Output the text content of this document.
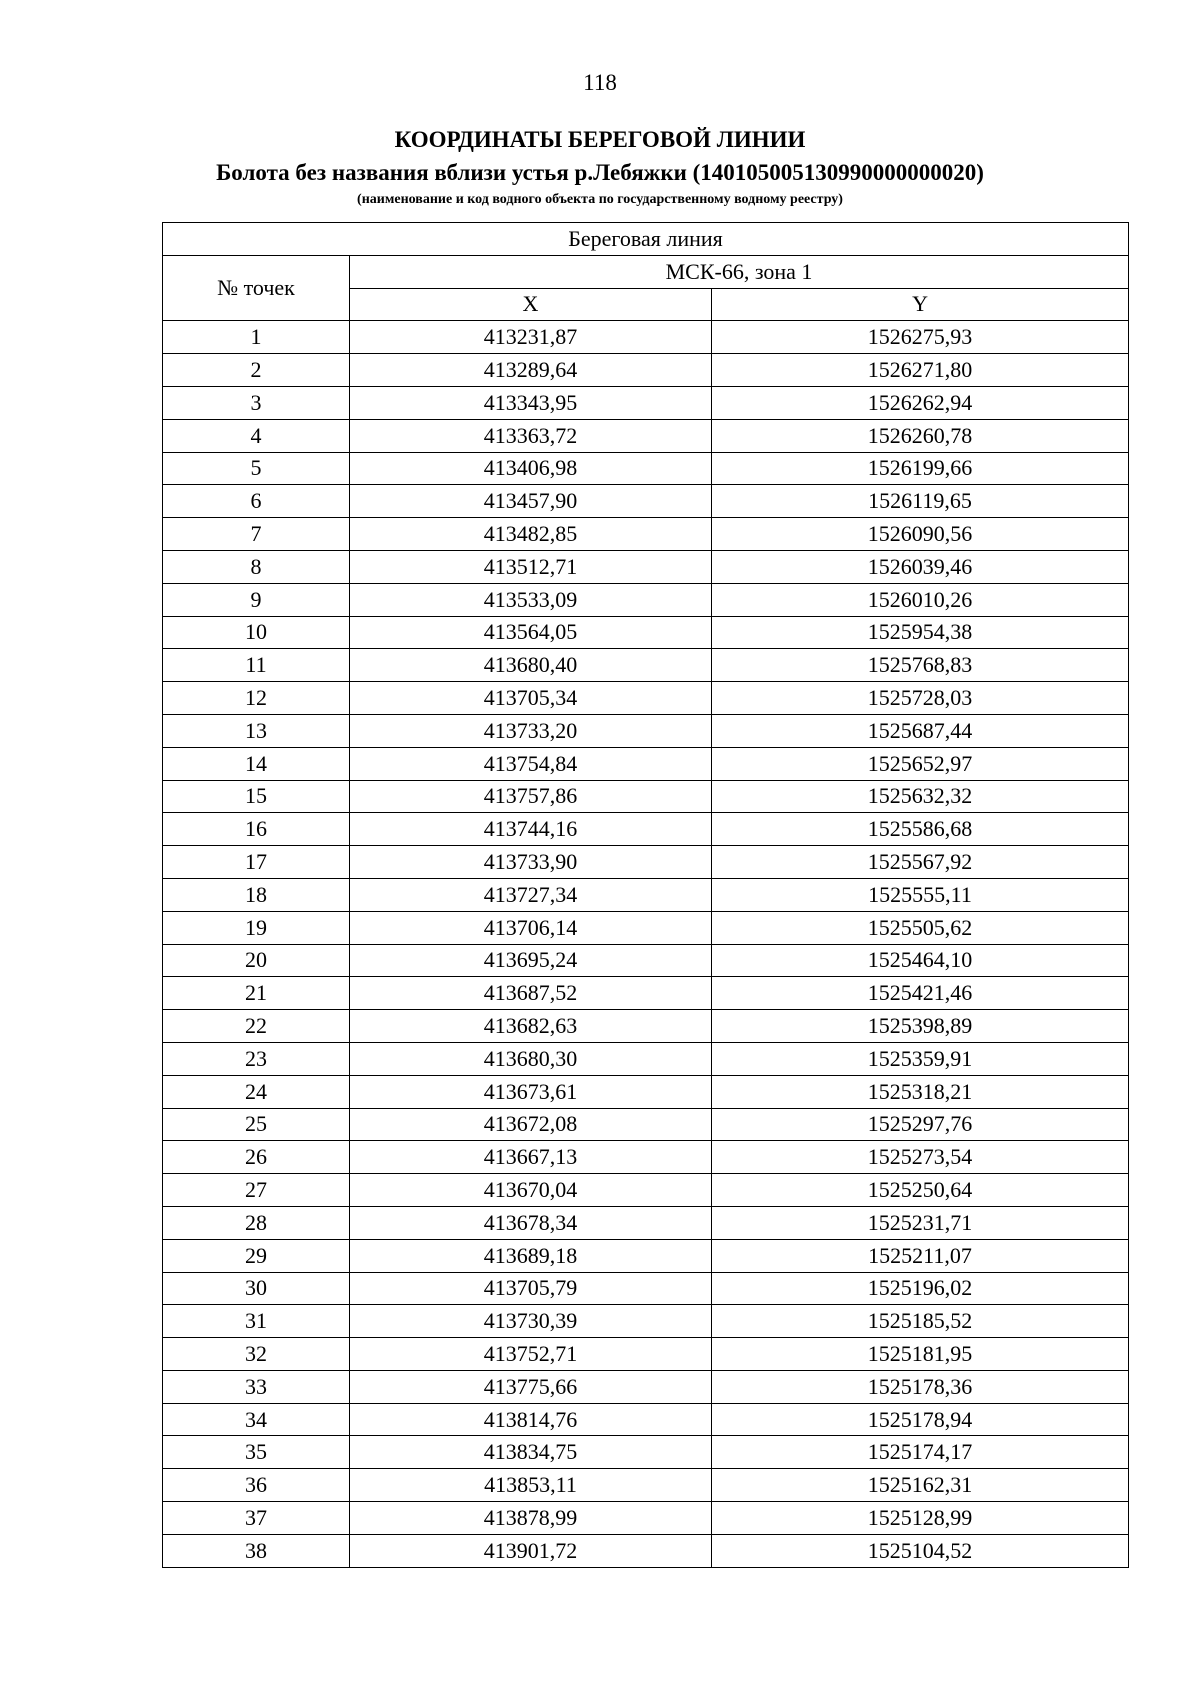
118
КООРДИНАТЫ БЕРЕГОВОЙ ЛИНИИ
Болота без названия вблизи устья р.Лебяжки (140105005130990000000020)
(наименование и код водного объекта по государственному водному реестру)
Береговая линия		
№ точек	МСК-66, зона 1	
	X	Y
1	413231,87	1526275,93
2	413289,64	1526271,80
3	413343,95	1526262,94
4	413363,72	1526260,78
5	413406,98	1526199,66
6	413457,90	1526119,65
7	413482,85	1526090,56
8	413512,71	1526039,46
9	413533,09	1526010,26
10	413564,05	1525954,38
11	413680,40	1525768,83
12	413705,34	1525728,03
13	413733,20	1525687,44
14	413754,84	1525652,97
15	413757,86	1525632,32
16	413744,16	1525586,68
17	413733,90	1525567,92
18	413727,34	1525555,11
19	413706,14	1525505,62
20	413695,24	1525464,10
21	413687,52	1525421,46
22	413682,63	1525398,89
23	413680,30	1525359,91
24	413673,61	1525318,21
25	413672,08	1525297,76
26	413667,13	1525273,54
27	413670,04	1525250,64
28	413678,34	1525231,71
29	413689,18	1525211,07
30	413705,79	1525196,02
31	413730,39	1525185,52
32	413752,71	1525181,95
33	413775,66	1525178,36
34	413814,76	1525178,94
35	413834,75	1525174,17
36	413853,11	1525162,31
37	413878,99	1525128,99
38	413901,72	1525104,52
